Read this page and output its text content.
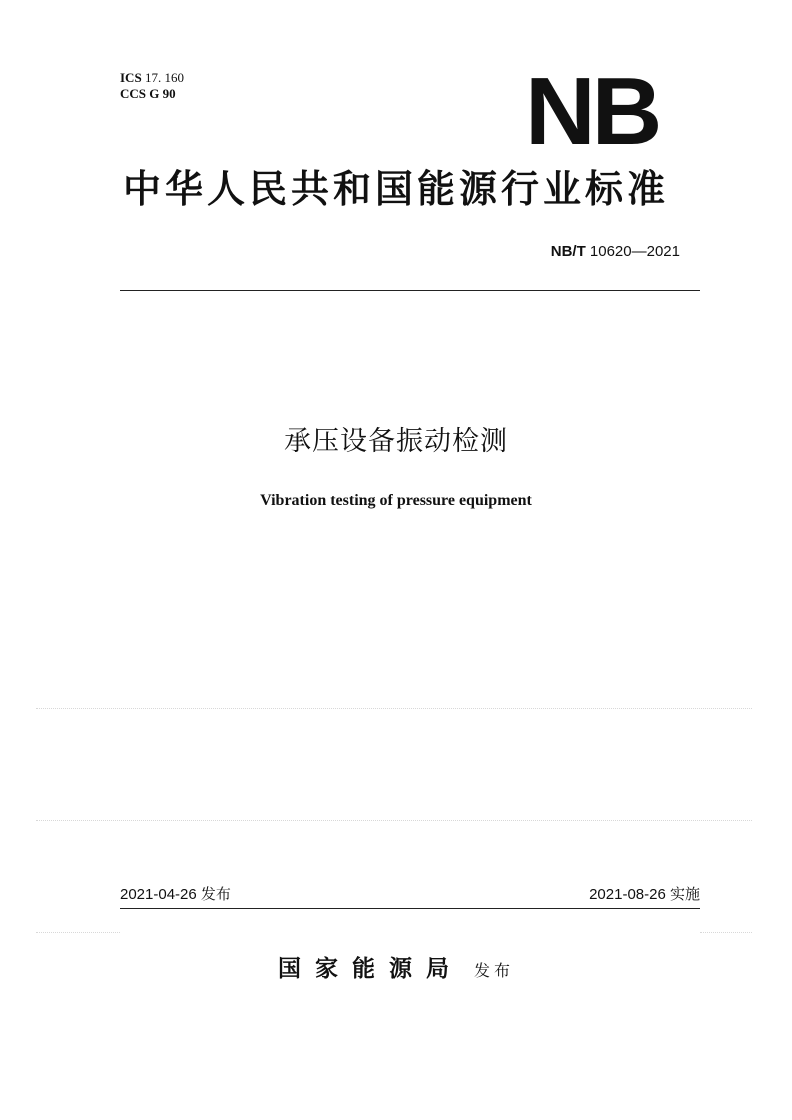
ICS 17. 160
CCS G 90	NB
中华人民共和国能源行业标准
NB/T 10620—2021
承压设备振动检测
Vibration testing of pressure equipment
2021-04-26 发布	2021-08-26 实施
国家能源局 发布
